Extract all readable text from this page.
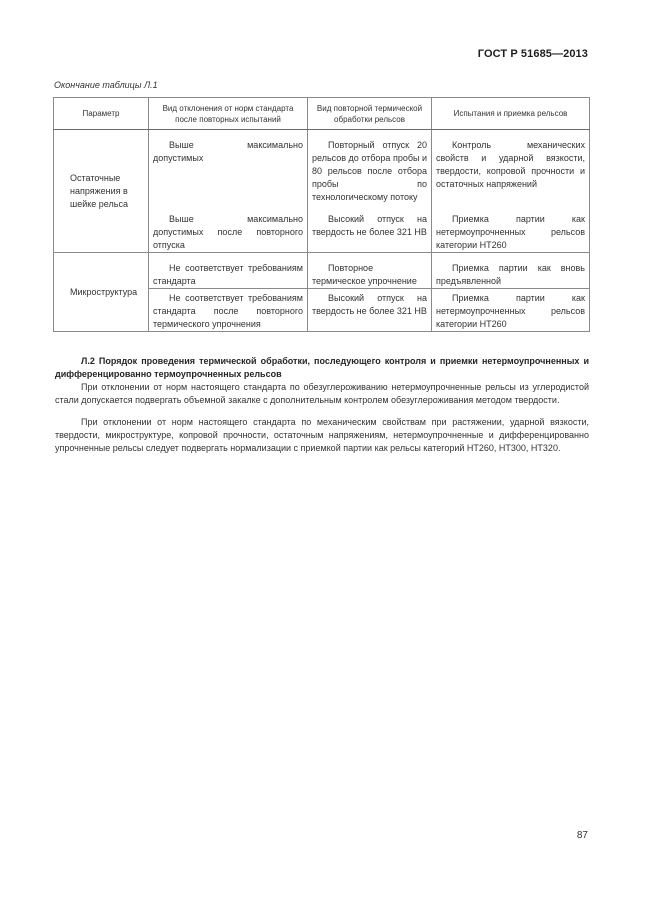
ГОСТ Р 51685—2013
Окончание таблицы Л.1
Параметр	Вид отклонения от норм стандарта после повторных испытаний	Вид повторной термической обработки рельсов	Испытания и приемка рельсов
Остаточные напряжения в шейке рельса	Выше максимально допустимых	Повторный отпуск 20 рельсов до отбора пробы и 80 рельсов после отбора пробы по технологическому потоку	Контроль механических свойств и ударной вязкости, твердости, копровой прочности и остаточных напряжений
	Выше максимально допустимых после повторного отпуска	Высокий отпуск на твердость не более 321 НВ	Приемка партии как нетермоупрочненных рельсов категории НТ260
Микроструктура	Не соответствует требованиям стандарта	Повторное термическое упрочнение	Приемка партии как вновь предъявленной
	Не соответствует требованиям стандарта после повторного термического упрочнения	Высокий отпуск на твердость не более 321 НВ	Приемка партии как нетермоупрочненных рельсов категории НТ260
Л.2 Порядок проведения термической обработки, последующего контроля и приемки нетермоупрочненных и дифференцированно термоупрочненных рельсов
При отклонении от норм настоящего стандарта по обезуглероживанию нетермоупрочненные рельсы из углеродистой стали допускается подвергать объемной закалке с дополнительным контролем обезуглероживания методом твердости.
При отклонении от норм настоящего стандарта по механическим свойствам при растяжении, ударной вязкости, твердости, микроструктуре, копровой прочности, остаточным напряжениям, нетермоупрочненные и дифференцированно упрочненные рельсы следует подвергать нормализации с приемкой партии как рельсы категорий НТ260, НТ300, НТ320.
87
